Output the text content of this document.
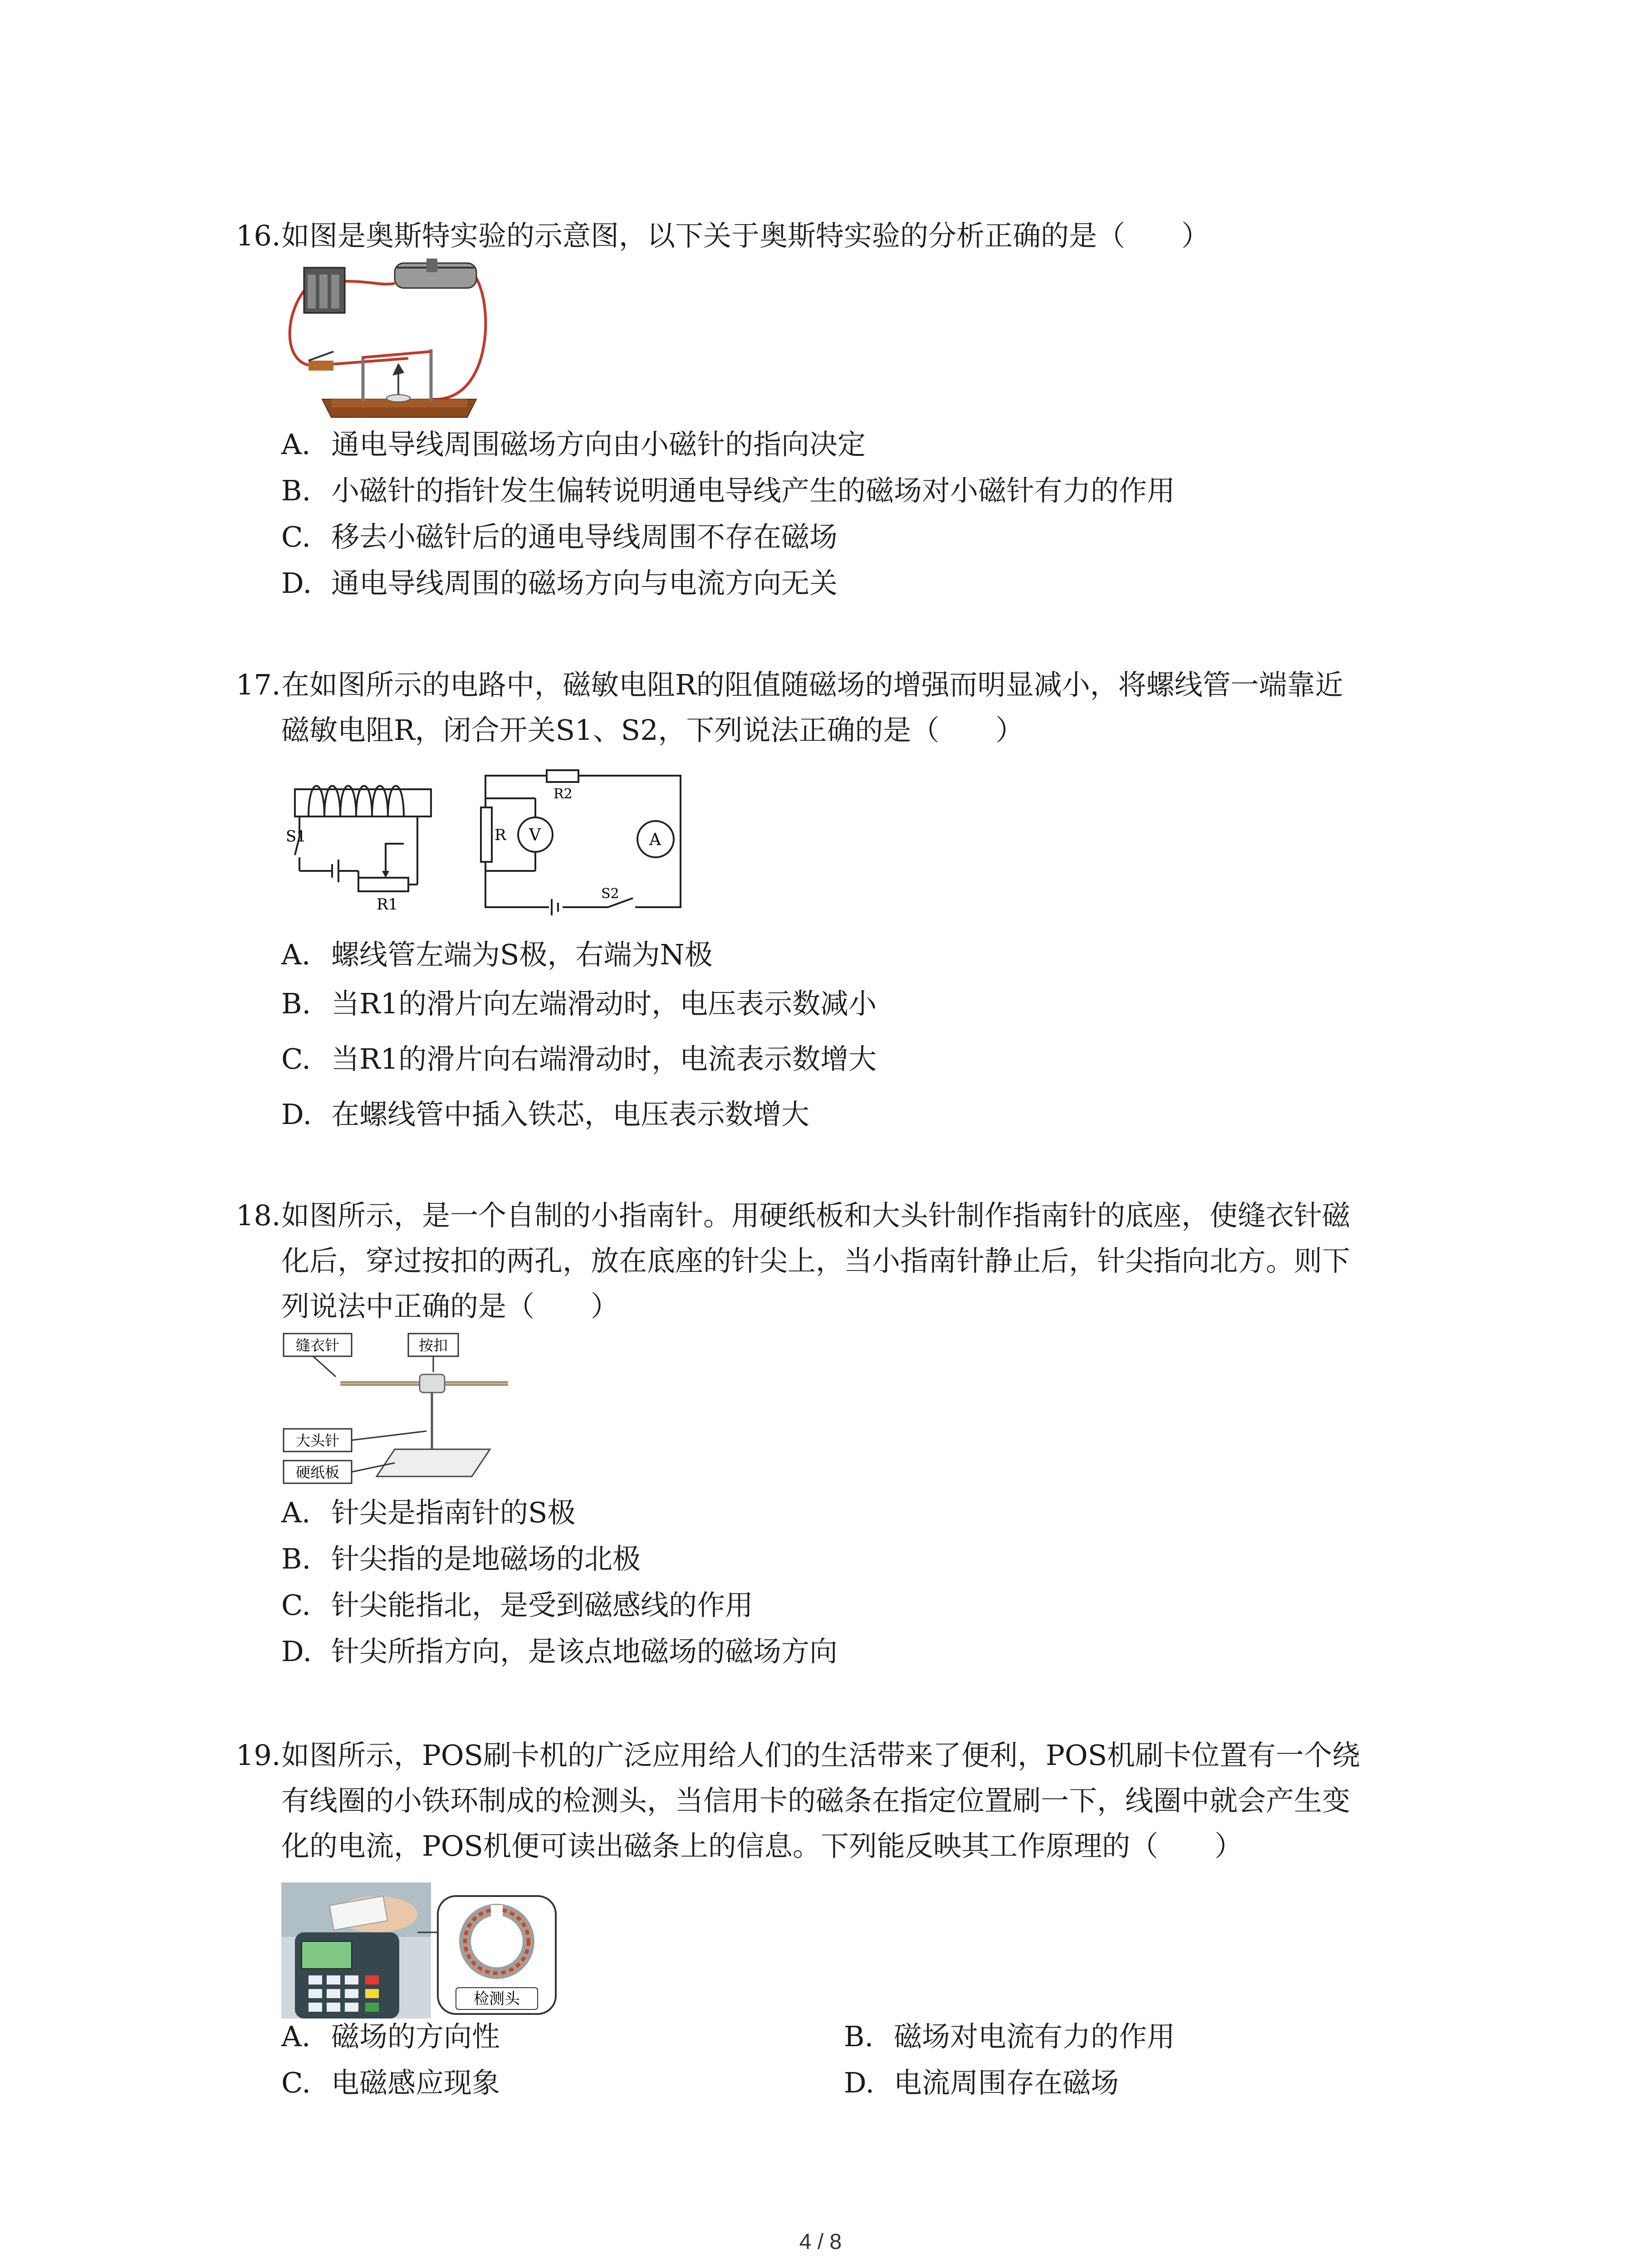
16.如图是奥斯特实验的示意图，以下关于奥斯特实验的分析正确的是（　　）
A. 通电导线周围磁场方向由小磁针的指向决定
B. 小磁针的指针发生偏转说明通电导线产生的磁场对小磁针有力的作用
C. 移去小磁针后的通电导线周围不存在磁场
D. 通电导线周围的磁场方向与电流方向无关
17.在如图所示的电路中，磁敏电阻R的阻值随磁场的增强而明显减小，将螺线管一端靠近
磁敏电阻R，闭合开关S1、S2，下列说法正确的是（　　）
S1
R1
R
R2
V	A
S2
A. 螺线管左端为S极，右端为N极
B. 当R1的滑片向左端滑动时，电压表示数减小
C. 当R1的滑片向右端滑动时，电流表示数增大
D. 在螺线管中插入铁芯，电压表示数增大
18.如图所示，是一个自制的小指南针。用硬纸板和大头针制作指南针的底座，使缝衣针磁
化后，穿过按扣的两孔，放在底座的针尖上，当小指南针静止后，针尖指向北方。则下
列说法中正确的是（　　）
缝衣针	按扣
大头针
硬纸板
A. 针尖是指南针的S极
B. 针尖指的是地磁场的北极
C. 针尖能指北，是受到磁感线的作用
D. 针尖所指方向，是该点地磁场的磁场方向
19.如图所示，POS刷卡机的广泛应用给人们的生活带来了便利，POS机刷卡位置有一个绕
有线圈的小铁环制成的检测头，当信用卡的磁条在指定位置刷一下，线圈中就会产生变
化的电流，POS机便可读出磁条上的信息。下列能反映其工作原理的（　　）
检测头
A. 磁场的方向性	B. 磁场对电流有力的作用
C. 电磁感应现象	D. 电流周围存在磁场
4 / 8
